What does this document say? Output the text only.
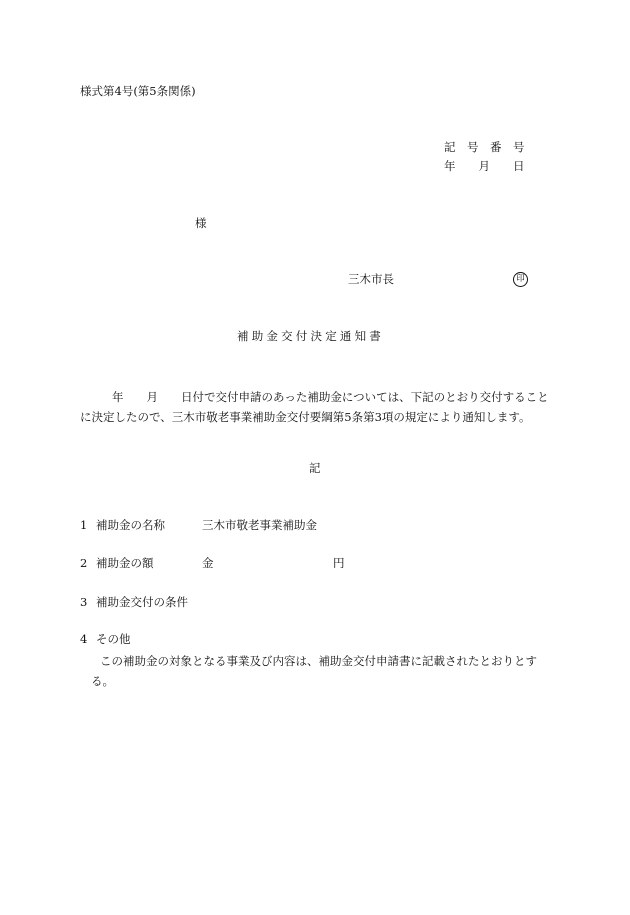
様式第4号(第5条関係)
記　号　番　号
年　　月　　日
様
三木市長	印
補助金交付決定通知書
年　　月　　日付で交付申請のあった補助金については、下記のとおり交付することに決定したので、三木市敬老事業補助金交付要綱第5条第3項の規定により通知します。
記
1 補助金の名称	三木市敬老事業補助金
2 補助金の額	金	円
3 補助金交付の条件
4 その他
この補助金の対象となる事業及び内容は、補助金交付申請書に記載されたとおりとす
る。
